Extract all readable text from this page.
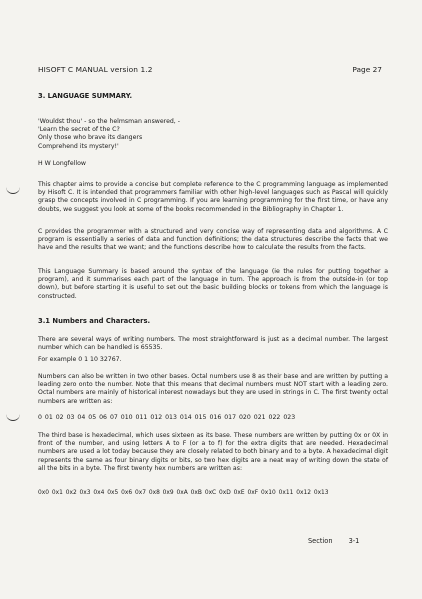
HISOFT C MANUAL version 1.2	Page 27
3. LANGUAGE SUMMARY.
'Wouldst thou' - so the helmsman answered, -
'Learn the secret of the C?
Only those who brave its dangers
Comprehend its mystery!'
H W Longfellow
This chapter aims to provide a concise but complete reference to the C programming language as implemented by Hisoft C. It is intended that programmers familiar with other high-level languages such as Pascal will quickly grasp the concepts involved in C programming. If you are learning programming for the first time, or have any doubts, we suggest you look at some of the books recommended in the Bibliography in Chapter 1.
C provides the programmer with a structured and very concise way of representing data and algorithms. A C program is essentially a series of data and function definitions; the data structures describe the facts that we have and the results that we want; and the functions describe how to calculate the results from the facts.
This Language Summary is based around the syntax of the language (ie the rules for putting together a program), and it summarises each part of the language in turn. The approach is from the outside-in (or top down), but before starting it is useful to set out the basic building blocks or tokens from which the language is constructed.
3.1 Numbers and Characters.
There are several ways of writing numbers. The most straightforward is just as a decimal number. The largest number which can be handled is 65535.
For example 0 1 10 32767.
Numbers can also be written in two other bases. Octal numbers use 8 as their base and are written by putting a leading zero onto the number. Note that this means that decimal numbers must NOT start with a leading zero. Octal numbers are mainly of historical interest nowadays but they are used in strings in C. The first twenty octal numbers are written as:
0 01 02 03 04 05 06 07 010 011 012 013 014 015 016 017 020 021 022 023
The third base is hexadecimal, which uses sixteen as its base. These numbers are written by putting 0x or 0X in front of the number, and using letters A to F (or a to f) for the extra digits that are needed. Hexadecimal numbers are used a lot today because they are closely related to both binary and to a byte. A hexadecimal digit represents the same as four binary digits or bits, so two hex digits are a neat way of writing down the state of all the bits in a byte. The first twenty hex numbers are written as:
0x0 0x1 0x2 0x3 0x4 0x5 0x6 0x7 0x8 0x9 0xA 0xB 0xC 0xD 0xE 0xF 0x10 0x11 0x12 0x13
Section 3-1
